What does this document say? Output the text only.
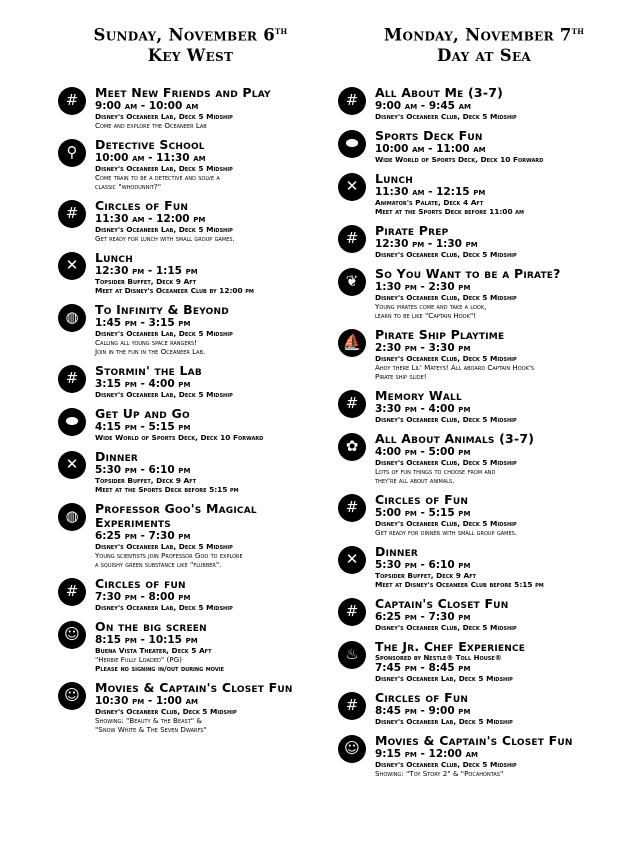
Sunday, November 6th
Key West
#	Meet New Friends and Play
9:00 am - 10:00 am
Disney's Oceaneer Lab, Deck 5 Midship
Come and explore the Oceaneer Lab
⚲	Detective School
10:00 am - 11:30 am
Disney's Oceaneer Lab, Deck 5 Midship
Come train to be a detective and solve a
classic "whodunnit?"
#	Circles of Fun
11:30 am - 12:00 pm
Disney's Oceaneer Lab, Deck 5 Midship
Get ready for lunch with small group games.
✕	Lunch
12:30 pm - 1:15 pm
Topsider Buffet, Deck 9 Aft
Meet at Disney's Oceaneer Club by 12:00 pm
◍	To Infinity & Beyond
1:45 pm - 3:15 pm
Disney's Oceaneer Lab, Deck 5 Midship
Calling all young space rangers!
Join in the fun in the Oceaneer Lab.
#	Stormin' the Lab
3:15 pm - 4:00 pm
Disney's Oceaneer Lab, Deck 5 Midship
⬬	Get Up and Go
4:15 pm - 5:15 pm
Wide World of Sports Deck, Deck 10 Forward
✕	Dinner
5:30 pm - 6:10 pm
Topsider Buffet, Deck 9 Aft
Meet at the Sports Deck before 5:15 pm
◍	Professor Goo's Magical Experiments
6:25 pm - 7:30 pm
Disney's Oceaneer Lab, Deck 5 Midship
Young scientists join Professor Goo to explore
a squishy green substance like "flubber".
#	Circles of fun
7:30 pm - 8:00 pm
Disney's Oceaneer Lab, Deck 5 Midship
☺	On the big screen
8:15 pm - 10:15 pm
Buena Vista Theater, Deck 5 Aft
"Herbie Fully Loaded" (PG)
Please no signing in/out during movie
☺	Movies & Captain's Closet Fun
10:30 pm - 1:00 am
Disney's Oceaneer Club, Deck 5 Midship
Showing: "Beauty & the Beast" &
"Snow White & The Seven Dwarfs"
Monday, November 7th
Day at Sea
#	All About Me (3-7)
9:00 am - 9:45 am
Disney's Oceaneer Club, Deck 5 Midship
⬬	Sports Deck Fun
10:00 am - 11:00 am
Wide World of Sports Deck, Deck 10 Forward
✕	Lunch
11:30 am - 12:15 pm
Animator's Palate, Deck 4 Aft
Meet at the Sports Deck before 11:00 am
#	Pirate Prep
12:30 pm - 1:30 pm
Disney's Oceaneer Club, Deck 5 Midship
❦	So You Want to be a Pirate?
1:30 pm - 2:30 pm
Disney's Oceaneer Club, Deck 5 Midship
Young pirates come and take a look,
learn to be like "Captain Hook"!
⛵	Pirate Ship Playtime
2:30 pm - 3:30 pm
Disney's Oceaneer Club, Deck 5 Midship
Ahoy there Lil' Mateys! All aboard Captain Hook's
Pirate ship slide!
#	Memory Wall
3:30 pm - 4:00 pm
Disney's Oceaneer Club, Deck 5 Midship
✿	All About Animals (3-7)
4:00 pm - 5:00 pm
Disney's Oceaneer Club, Deck 5 Midship
Lots of fun things to choose from and
they're all about animals.
#	Circles of Fun
5:00 pm - 5:15 pm
Disney's Oceaneer Club, Deck 5 Midship
Get ready for dinner with small group games.
✕	Dinner
5:30 pm - 6:10 pm
Topsider Buffet, Deck 9 Aft
Meet at Disney's Oceaneer Club before 5:15 pm
#	Captain's Closet Fun
6:25 pm - 7:30 pm
Disney's Oceaneer Club, Deck 5 Midship
♨	The Jr. Chef Experience
Sponsored by Nestle® Toll House®
7:45 pm - 8:45 pm
Disney's Oceaneer Lab, Deck 5 Midship
#	Circles of Fun
8:45 pm - 9:00 pm
Disney's Oceaneer Lab, Deck 5 Midship
☺	Movies & Captain's Closet Fun
9:15 pm - 12:00 am
Disney's Oceaneer Club, Deck 5 Midship
Showing: "Toy Story 2" & "Pocahontas"
